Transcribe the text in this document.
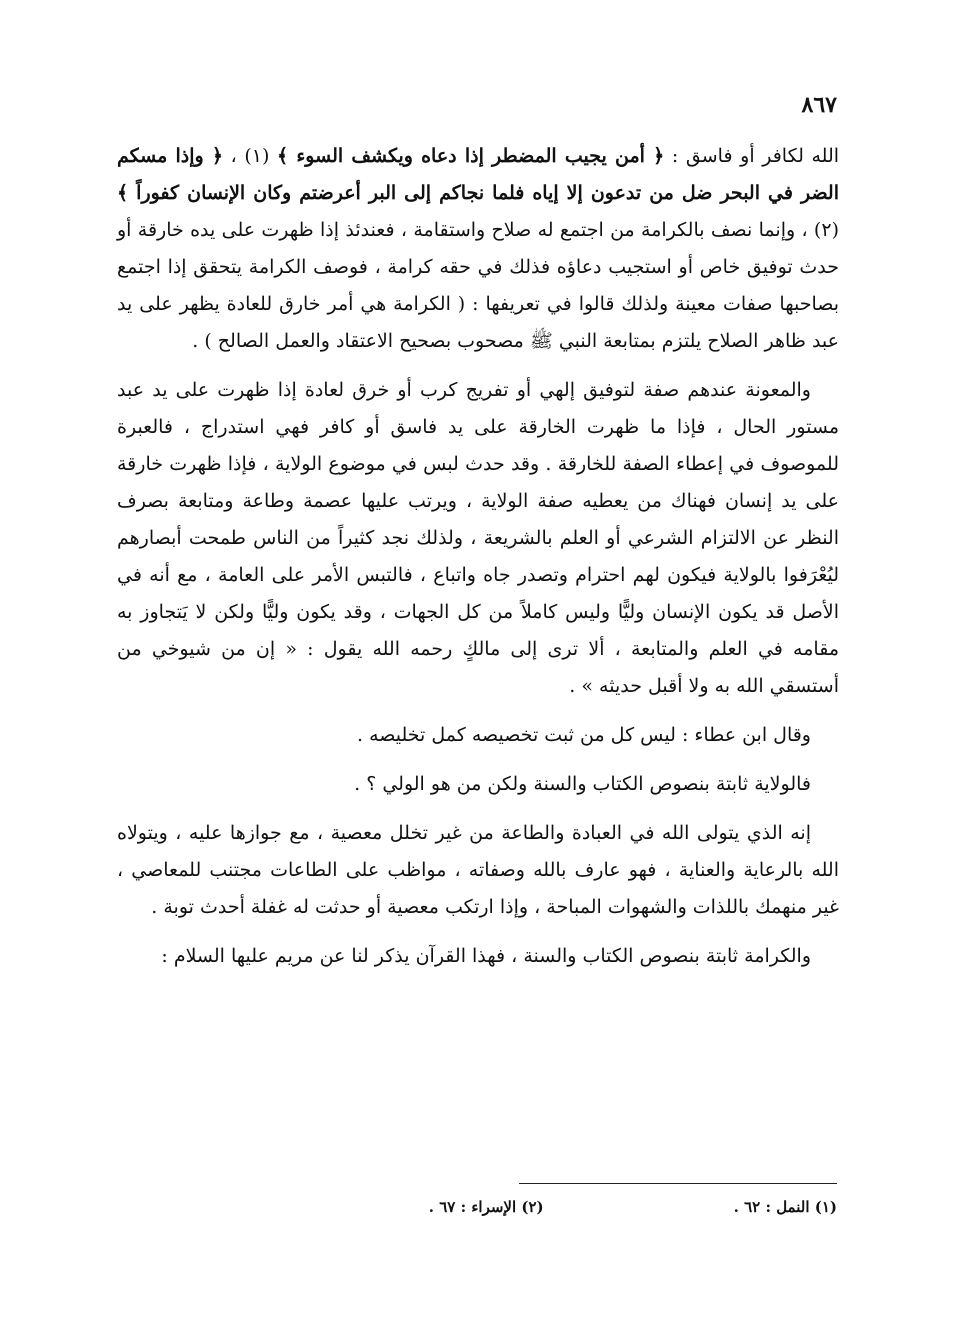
٨٦٧

الله لكافر أو فاسق : ﴿ أمن يجيب المضطر إذا دعاه ويكشف السوء ﴾ (١) ، ﴿ وإذا مسكم الضر في البحر ضل من تدعون إلا إياه فلما نجاكم إلى البر أعرضتم وكان الإنسان كفوراً ﴾ (٢) ، وإنما نصف بالكرامة من اجتمع له صلاح واستقامة ، فعندئذ إذا ظهرت على يده خارقة أو حدث توفيق خاص أو استجيب دعاؤه فذلك في حقه كرامة ، فوصف الكرامة يتحقق إذا اجتمع بصاحبها صفات معينة ولذلك قالوا في تعريفها : ( الكرامة هي أمر خارق للعادة يظهر على يد عبد ظاهر الصلاح يلتزم بمتابعة النبي ﷺ مصحوب بصحيح الاعتقاد والعمل الصالح ) .

والمعونة عندهم صفة لتوفيق إلهي أو تفريج كرب أو خرق لعادة إذا ظهرت على يد عبد مستور الحال ، فإذا ما ظهرت الخارقة على يد فاسق أو كافر فهي استدراج ، فالعبرة للموصوف في إعطاء الصفة للخارقة . وقد حدث لبس في موضوع الولاية ، فإذا ظهرت خارقة على يد إنسان فهناك من يعطيه صفة الولاية ، ويرتب عليها عصمة وطاعة ومتابعة بصرف النظر عن الالتزام الشرعي أو العلم بالشريعة ، ولذلك نجد كثيراً من الناس طمحت أبصارهم ليُعْرَفوا بالولاية فيكون لهم احترام وتصدر جاه واتباع ، فالتبس الأمر على العامة ، مع أنه في الأصل قد يكون الإنسان وليًّا وليس كاملاً من كل الجهات ، وقد يكون وليًّا ولكن لا يَتجاوز به مقامه في العلم والمتابعة ، ألا ترى إلى مالكٍ رحمه الله يقول : « إن من شيوخي من أستسقي الله به ولا أقبل حديثه » .

وقال ابن عطاء : ليس كل من ثبت تخصيصه كمل تخليصه .

فالولاية ثابتة بنصوص الكتاب والسنة ولكن من هو الولي ؟ .

إنه الذي يتولى الله في العبادة والطاعة من غير تخلل معصية ، مع جوازها عليه ، ويتولاه الله بالرعاية والعناية ، فهو عارف بالله وصفاته ، مواظب على الطاعات مجتنب للمعاصي ، غير منهمك باللذات والشهوات المباحة ، وإذا ارتكب معصية أو حدثت له غفلة أحدث توبة .

والكرامة ثابتة بنصوص الكتاب والسنة ، فهذا القرآن يذكر لنا عن مريم عليها السلام :

(١) النمل : ٦٢ .
(٢) الإسراء : ٦٧ .
